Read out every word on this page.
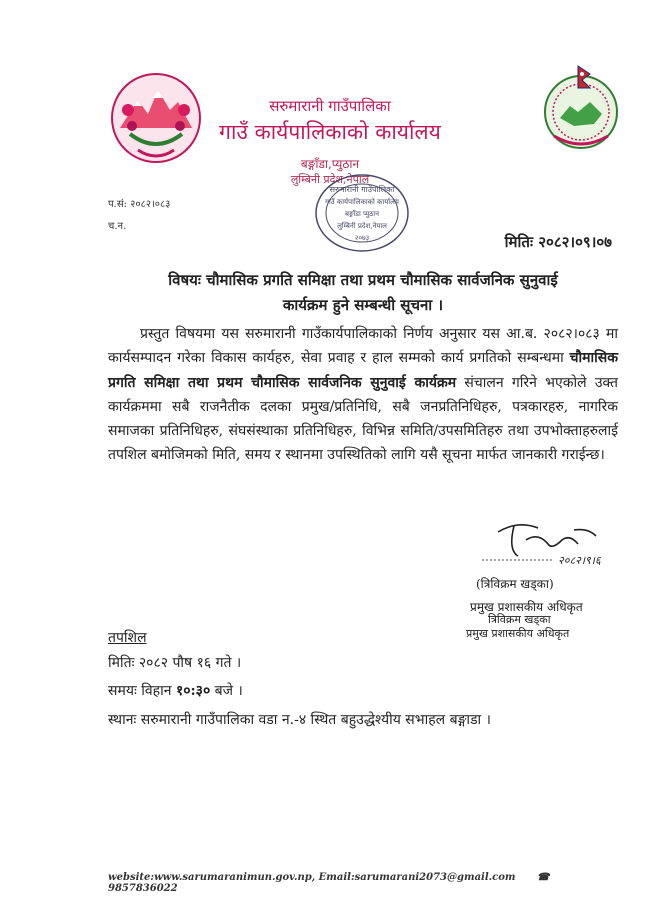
सरुमारानी गाउँपालिका
गाउँ कार्यपालिकाको कार्यालय
बङ्गाँडा,प्युठान
लुम्बिनी प्रदेश,नेपाल
प.सं: २०८२।०८३
च.न.
सरुमारानी गाउँपालिका
गाउँ कार्यपालिकाको कार्यालय
बङ्गाँडा प्युठान
लुम्बिनी प्रदेश,नेपाल
२०७३	मितिः २०८२।०९।०७
विषयः चौमासिक प्रगति समिक्षा तथा प्रथम चौमासिक सार्वजनिक सुनुवाई
कार्यक्रम हुने सम्बन्धी सूचना ।
प्रस्तुत विषयमा यस सरुमारानी गाउँकार्यपालिकाको निर्णय अनुसार यस आ.ब. २०८२।०८३ मा कार्यसम्पादन गरेका विकास कार्यहरु, सेवा प्रवाह र हाल सम्मको कार्य प्रगतिको सम्बन्धमा चौमासिक प्रगति समिक्षा तथा प्रथम चौमासिक सार्वजनिक सुनुवाई कार्यक्रम संचालन गरिने भएकोले उक्त कार्यक्रममा सबै राजनैतीक दलका प्रमुख/प्रतिनिधि, सबै जनप्रतिनिधिहरु, पत्रकारहरु, नागरिक समाजका प्रतिनिधिहरु, संघसंस्थाका प्रतिनिधिहरु, विभिन्न समिति/उपसमितिहरु तथा उपभोक्ताहरुलाई तपशिल बमोजिमको मिति, समय र स्थानमा उपस्थितिको लागि यसै सूचना मार्फत जानकारी गराईन्छ।
२०८२।९।६
(त्रिविक्रम खड्का)
प्रमुख प्रशासकीय अधिकृत
त्रिविक्रम खड्का
प्रमुख प्रशासकीय अधिकृत
तपशिल
मितिः २०८२ पौष १६ गते ।
समयः विहान १०:३० बजे ।
स्थानः सरुमारानी गाउँपालिका वडा न.-४ स्थित बहुउद्धेश्यीय सभाहल बङ्गाडा ।
website:www.sarumaranimun.gov.np, Email:sarumarani2073@gmail.com ☎ 9857836022
